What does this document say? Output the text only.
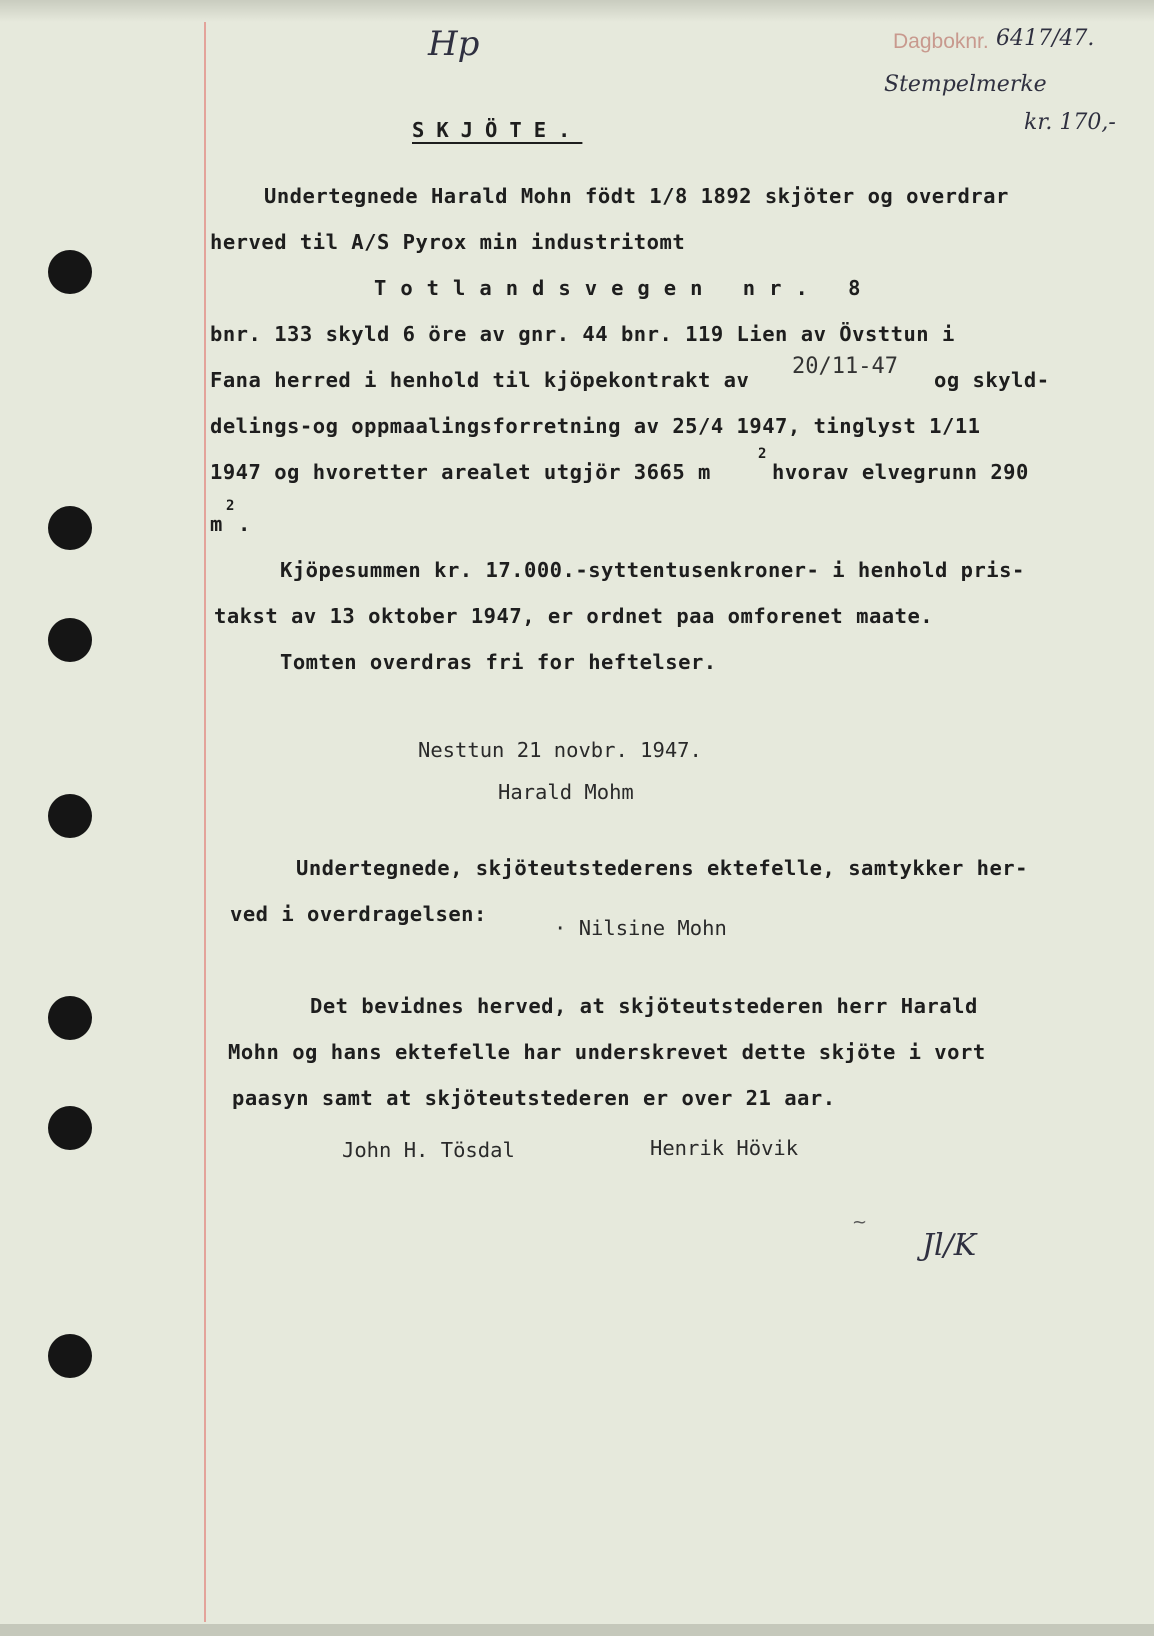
Hp	Dagboknr. 6417/47.
Stempelmerke
kr. 170,-
Jl/K
~
SKJÖTE.
Undertegnede Harald Mohn födt 1/8 1892 skjöter og overdrar
herved til A/S Pyrox min industritomt
Totlandsvegen nr. 8
bnr. 133 skyld 6 öre av gnr. 44 bnr. 119 Lien av Övsttun i
Fana herred i henhold til kjöpekontrakt av
20/11-47
og skyld-
delings-og oppmaalingsforretning av 25/4 1947, tinglyst 1/11
1947 og hvoretter arealet utgjör 3665 m
2
hvorav elvegrunn 290
m
2
.
Kjöpesummen kr. 17.000.-syttentusenkroner- i henhold pris-
takst av 13 oktober 1947, er ordnet paa omforenet maate.
Tomten overdras fri for heftelser.
Nesttun 21 novbr. 1947.
Harald Mohm
Undertegnede, skjöteutstederens ektefelle, samtykker her-
ved i overdragelsen:
· Nilsine Mohn
Det bevidnes herved, at skjöteutstederen herr Harald
Mohn og hans ektefelle har underskrevet dette skjöte i vort
paasyn samt at skjöteutstederen er over 21 aar.
John H. Tösdal	Henrik Hövik
